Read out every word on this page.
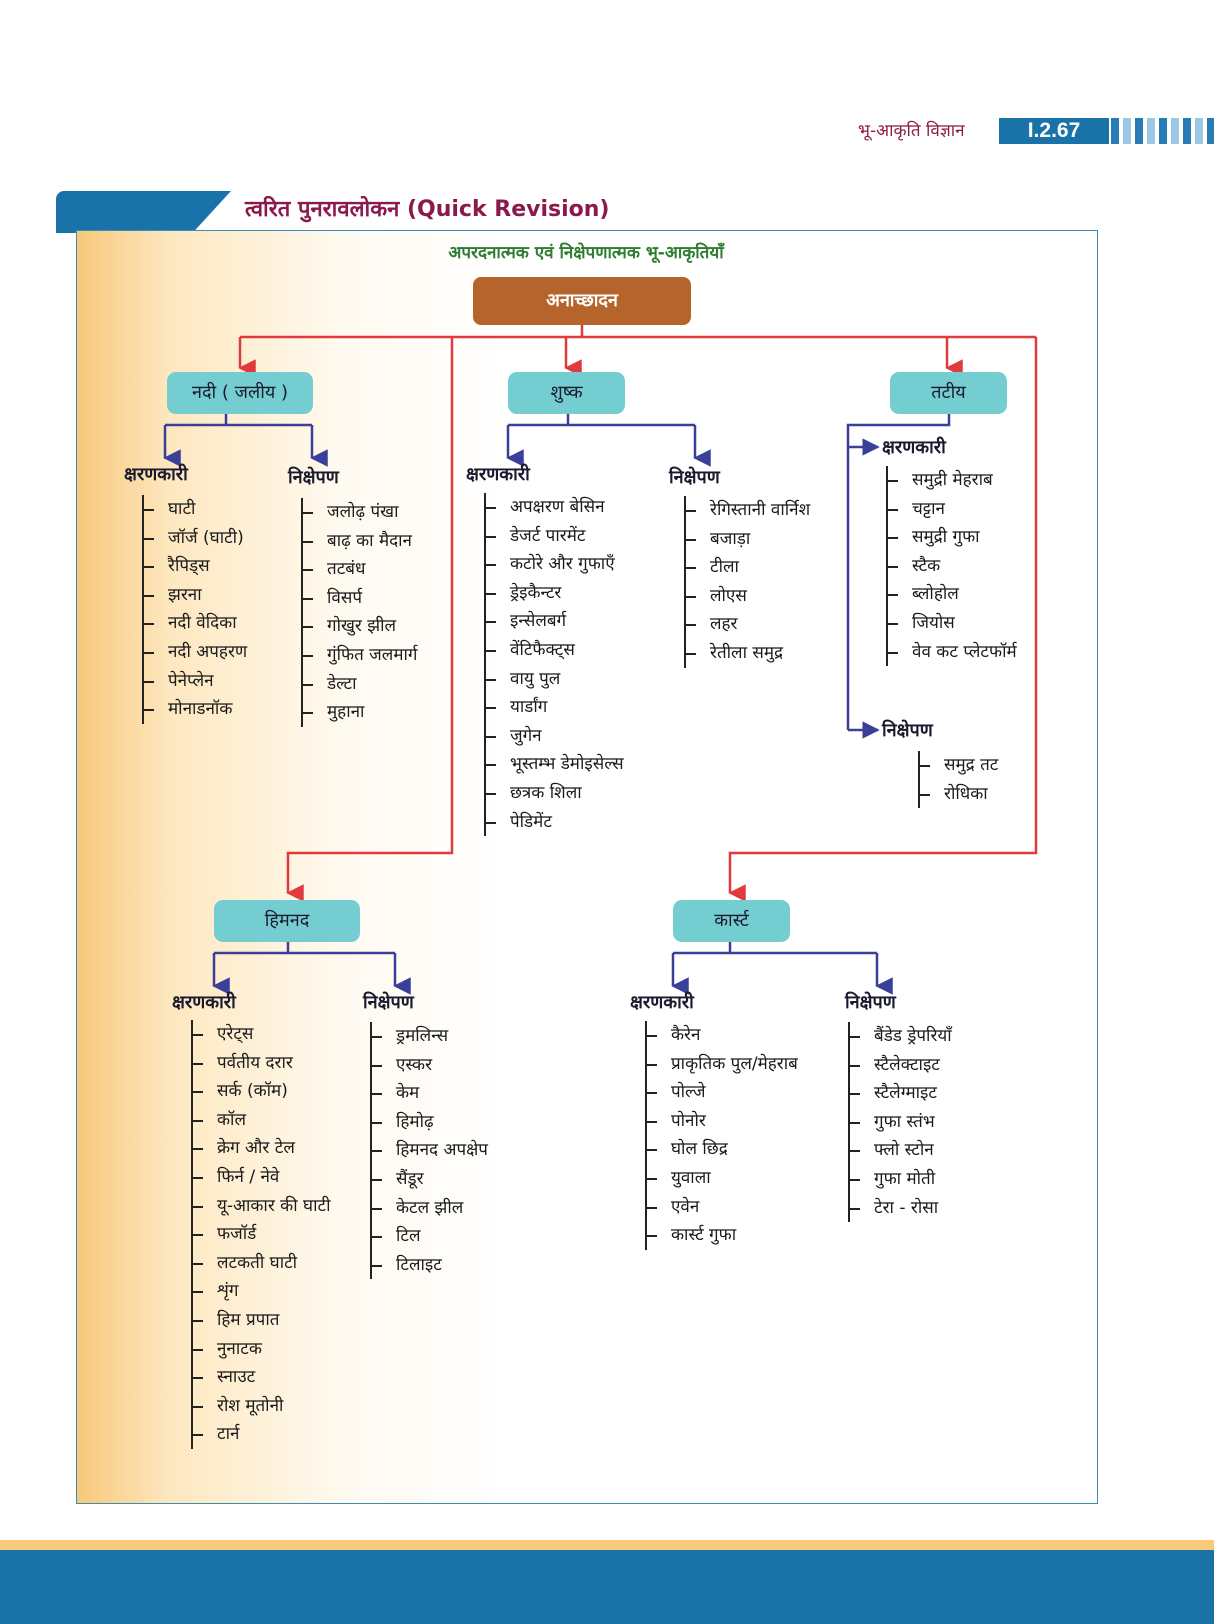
भू-आकृति विज्ञान	I.2.67
त्वरित पुनरावलोकन (Quick Revision)
अपरदनात्मक एवं निक्षेपणात्मक भू-आकृतियाँ
अनाच्छादन
नदी ( जलीय )	शुष्क	तटीय
हिमनद	कार्स्ट
क्षरणकारी	निक्षेपण	क्षरणकारी	निक्षेपण
क्षरणकारी
निक्षेपण
क्षरणकारी	निक्षेपण	क्षरणकारी	निक्षेपण
घाटी
जॉर्ज (घाटी)
रैपिड्स
झरना
नदी वेदिका
नदी अपहरण
पेनेप्लेन
मोनाडनॉक
जलोढ़ पंखा
बाढ़ का मैदान
तटबंध
विसर्प
गोखुर झील
गुंफित जलमार्ग
डेल्टा
मुहाना
अपक्षरण बेसिन
डेजर्ट पारमेंट
कटोरे और गुफाएँ
ड्रेइकैन्टर
इन्सेलबर्ग
वेंटिफैक्ट्स
वायु पुल
यार्डांग
जुगेन
भूस्तम्भ डेमोइसेल्स
छत्रक शिला
पेडिमेंट
रेगिस्तानी वार्निश
बजाड़ा
टीला
लोएस
लहर
रेतीला समुद्र
समुद्री मेहराब
चट्टान
समुद्री गुफा
स्टैक
ब्लोहोल
जियोस
वेव कट प्लेटफॉर्म
समुद्र तट
रोधिका
एरेट्स
पर्वतीय दरार
सर्क (कॉम)
कॉल
क्रेग और टेल
फिर्न / नेवे
यू-आकार की घाटी
फजॉर्ड
लटकती घाटी
शृंग
हिम प्रपात
नुनाटक
स्नाउट
रोश मूतोनी
टार्न
ड्रमलिन्स
एस्कर
केम
हिमोढ़
हिमनद अपक्षेप
सैंडूर
केटल झील
टिल
टिलाइट
कैरेन
प्राकृतिक पुल/मेहराब
पोल्जे
पोनोर
घोल छिद्र
युवाला
एवेन
कार्स्ट गुफा
बैंडेड ड्रेपरियाँ
स्टैलेक्टाइट
स्टैलेग्माइट
गुफा स्तंभ
फ्लो स्टोन
गुफा मोती
टेरा - रोसा
